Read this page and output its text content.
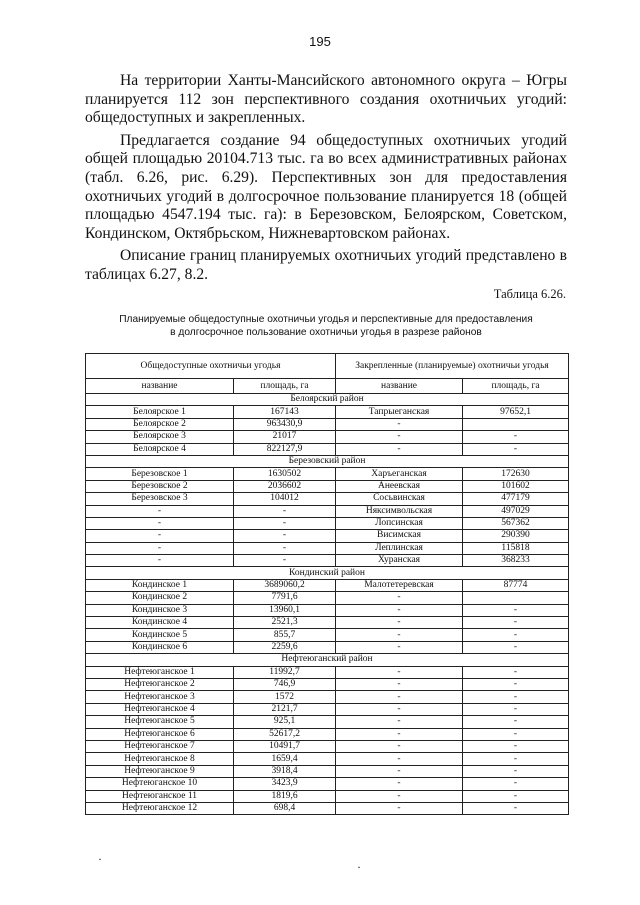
195

На территории Ханты-Мансийского автономного округа – Югры планируется 112 зон перспективного создания охотничьих угодий: общедоступных и закрепленных.

Предлагается создание 94 общедоступных охотничьих угодий общей площадью 20104.713 тыс. га во всех административных районах (табл. 6.26, рис. 6.29). Перспективных зон для предоставления охотничьих угодий в долгосрочное пользование планируется 18 (общей площадью 4547.194 тыс. га): в Березовском, Белоярском, Советском, Кондинском, Октябрьском, Нижневартовском районах.

Описание границ планируемых охотничьих угодий представлено в таблицах 6.27, 8.2.

Таблица 6.26.
Планируемые общедоступные охотничьи угодья и перспективные для предоставления
в долгосрочное пользование охотничьи угодья в разрезе районов
Общедоступные охотничьи угодья		Закрепленные (планируемые) охотничьи угодья	
название	площадь, га	название	площадь, га
Белоярский район			
Белоярское 1	167143	Тапрыеганская	97652,1
Белоярское 2	963430,9	-	
Белоярское 3	21017	-	-
Белоярское 4	822127,9	-	-
Березовский район			
Березовское 1	1630502	Харъеганская	172630
Березовское 2	2036602	Анеевская	101602
Березовское 3	104012	Сосьвинская	477179
-	-	Няксимвольская	497029
-	-	Лопсинская	567362
-	-	Висимская	290390
-	-	Леплинская	115818
-	-	Хуранская	368233
Кондинский район			
Кондинское 1	3689060,2	Малотетеревская	87774
Кондинское 2	7791,6	-	
Кондинское 3	13960,1	-	-
Кондинское 4	2521,3	-	-
Кондинское 5	855,7	-	-
Кондинское 6	2259,6	-	-
Нефтеюганский район			
Нефтеюганское 1	11992,7	-	-
Нефтеюганское 2	746,9	-	-
Нефтеюганское 3	1572	-	-
Нефтеюганское 4	2121,7	-	-
Нефтеюганское 5	925,1	-	-
Нефтеюганское 6	52617,2	-	-
Нефтеюганское 7	10491,7	-	-
Нефтеюганское 8	1659,4	-	-
Нефтеюганское 9	3918,4	-	-
Нефтеюганское 10	3423,9	-	-
Нефтеюганское 11	1819,6	-	-
Нефтеюганское 12	698,4	-	-
·
·
